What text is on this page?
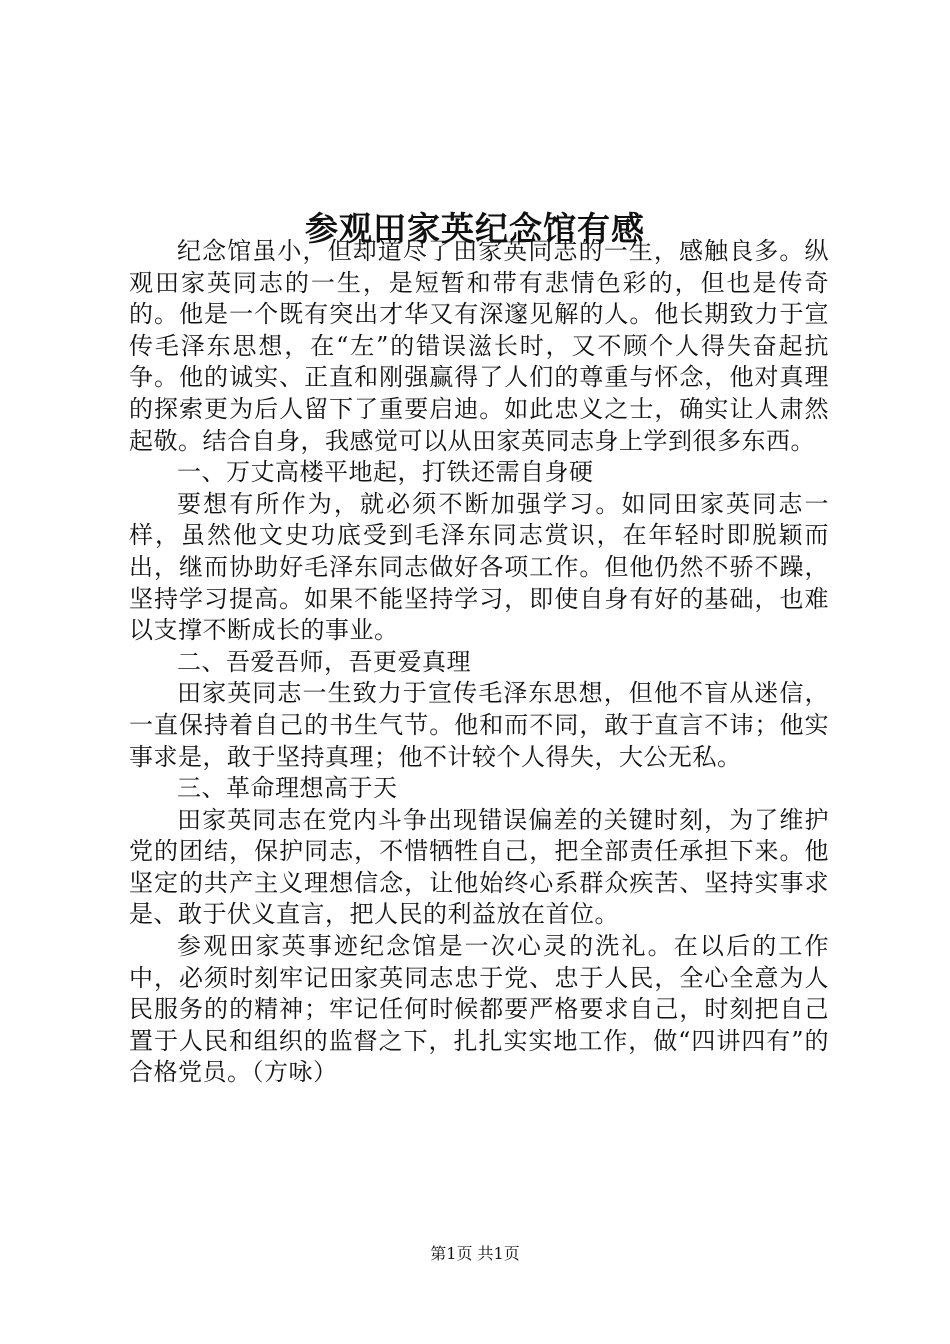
参观田家英纪念馆有感

纪念馆虽小，但却道尽了田家英同志的一生，感触良多。纵观田家英同志的一生，是短暂和带有悲情色彩的，但也是传奇的。他是一个既有突出才华又有深邃见解的人。他长期致力于宣传毛泽东思想，在“左”的错误滋长时，又不顾个人得失奋起抗争。他的诚实、正直和刚强赢得了人们的尊重与怀念，他对真理的探索更为后人留下了重要启迪。如此忠义之士，确实让人肃然起敬。结合自身，我感觉可以从田家英同志身上学到很多东西。

一、万丈高楼平地起，打铁还需自身硬

要想有所作为，就必须不断加强学习。如同田家英同志一样，虽然他文史功底受到毛泽东同志赏识，在年轻时即脱颖而出，继而协助好毛泽东同志做好各项工作。但他仍然不骄不躁，坚持学习提高。如果不能坚持学习，即使自身有好的基础，也难以支撑不断成长的事业。

二、吾爱吾师，吾更爱真理

田家英同志一生致力于宣传毛泽东思想，但他不盲从迷信，一直保持着自己的书生气节。他和而不同，敢于直言不讳；他实事求是，敢于坚持真理；他不计较个人得失，大公无私。

三、革命理想高于天

田家英同志在党内斗争出现错误偏差的关键时刻，为了维护党的团结，保护同志，不惜牺牲自己，把全部责任承担下来。他坚定的共产主义理想信念，让他始终心系群众疾苦、坚持实事求是、敢于伏义直言，把人民的利益放在首位。

参观田家英事迹纪念馆是一次心灵的洗礼。在以后的工作中，必须时刻牢记田家英同志忠于党、忠于人民，全心全意为人民服务的的精神；牢记任何时候都要严格要求自己，时刻把自己置于人民和组织的监督之下，扎扎实实地工作，做“四讲四有”的合格党员。（方咏）

第1页 共1页
